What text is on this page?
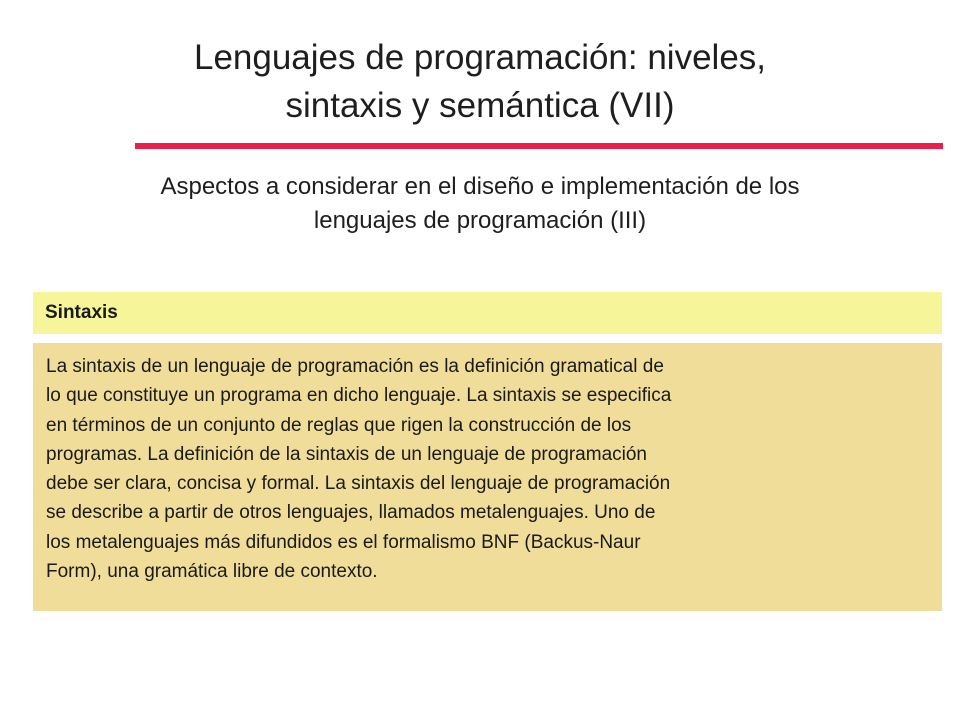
Lenguajes de programación: niveles,
sintaxis y semántica (VII)
Aspectos a considerar en el diseño e implementación de los
lenguajes de programación (III)
Sintaxis
La sintaxis de un lenguaje de programación es la definición gramatical de
lo que constituye un programa en dicho lenguaje. La sintaxis se especifica
en términos de un conjunto de reglas que rigen la construcción de los
programas. La definición de la sintaxis de un lenguaje de programación
debe ser clara, concisa y formal. La sintaxis del lenguaje de programación
se describe a partir de otros lenguajes, llamados metalenguajes. Uno de
los metalenguajes más difundidos es el formalismo BNF (Backus-Naur
Form), una gramática libre de contexto.
